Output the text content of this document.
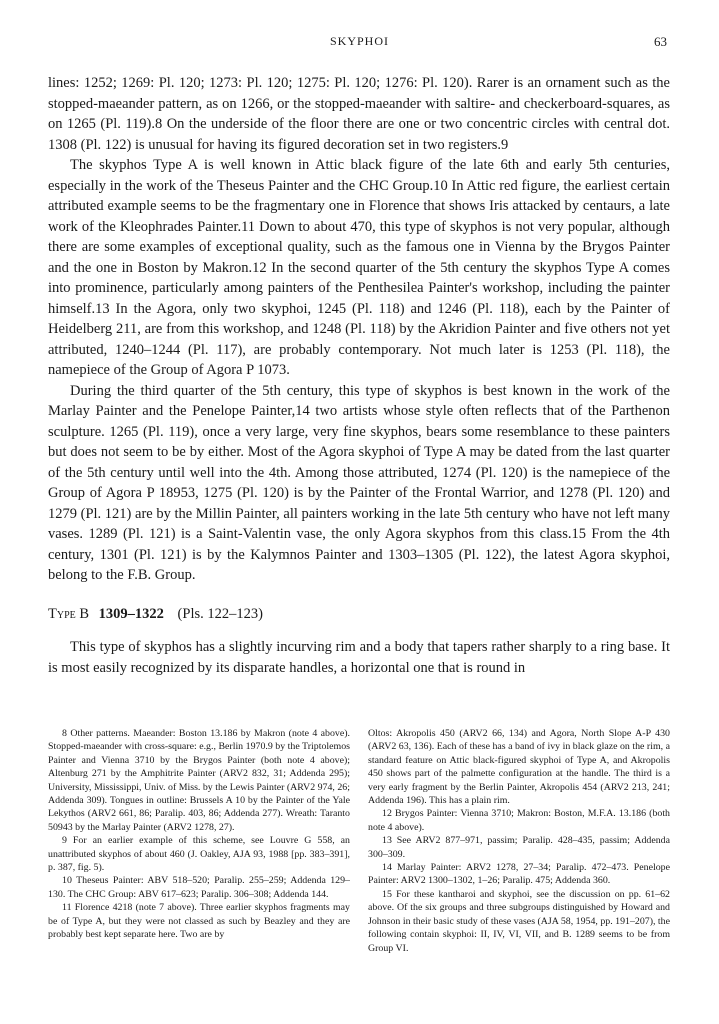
SKYPHOI	63

lines: 1252; 1269: Pl. 120; 1273: Pl. 120; 1275: Pl. 120; 1276: Pl. 120). Rarer is an ornament such as the stopped-maeander pattern, as on 1266, or the stopped-maeander with saltire- and checkerboard-squares, as on 1265 (Pl. 119).8 On the underside of the floor there are one or two concentric circles with central dot. 1308 (Pl. 122) is unusual for having its figured decoration set in two registers.9

The skyphos Type A is well known in Attic black figure of the late 6th and early 5th centuries, especially in the work of the Theseus Painter and the CHC Group.10 In Attic red figure, the earliest certain attributed example seems to be the fragmentary one in Florence that shows Iris attacked by centaurs, a late work of the Kleophrades Painter.11 Down to about 470, this type of skyphos is not very popular, although there are some examples of exceptional quality, such as the famous one in Vienna by the Brygos Painter and the one in Boston by Makron.12 In the second quarter of the 5th century the skyphos Type A comes into prominence, particularly among painters of the Penthesilea Painter's workshop, including the painter himself.13 In the Agora, only two skyphoi, 1245 (Pl. 118) and 1246 (Pl. 118), each by the Painter of Heidelberg 211, are from this workshop, and 1248 (Pl. 118) by the Akridion Painter and five others not yet attributed, 1240–1244 (Pl. 117), are probably contemporary. Not much later is 1253 (Pl. 118), the namepiece of the Group of Agora P 1073.

During the third quarter of the 5th century, this type of skyphos is best known in the work of the Marlay Painter and the Penelope Painter,14 two artists whose style often reflects that of the Parthenon sculpture. 1265 (Pl. 119), once a very large, very fine skyphos, bears some resemblance to these painters but does not seem to be by either. Most of the Agora skyphoi of Type A may be dated from the last quarter of the 5th century until well into the 4th. Among those attributed, 1274 (Pl. 120) is the namepiece of the Group of Agora P 18953, 1275 (Pl. 120) is by the Painter of the Frontal Warrior, and 1278 (Pl. 120) and 1279 (Pl. 121) are by the Millin Painter, all painters working in the late 5th century who have not left many vases. 1289 (Pl. 121) is a Saint-Valentin vase, the only Agora skyphos from this class.15 From the 4th century, 1301 (Pl. 121) is by the Kalymnos Painter and 1303–1305 (Pl. 122), the latest Agora skyphoi, belong to the F.B. Group.

Type B 1309–1322 (Pls. 122–123)

This type of skyphos has a slightly incurving rim and a body that tapers rather sharply to a ring base. It is most easily recognized by its disparate handles, a horizontal one that is round in

8 Other patterns. Maeander: Boston 13.186 by Makron (note 4 above). Stopped-maeander with cross-square: e.g., Berlin 1970.9 by the Triptolemos Painter and Vienna 3710 by the Brygos Painter (both note 4 above); Altenburg 271 by the Amphitrite Painter (ARV2 832, 31; Addenda 295); University, Mississippi, Univ. of Miss. by the Lewis Painter (ARV2 974, 26; Addenda 309). Tongues in outline: Brussels A 10 by the Painter of the Yale Lekythos (ARV2 661, 86; Paralip. 403, 86; Addenda 277). Wreath: Taranto 50943 by the Marlay Painter (ARV2 1278, 27).

9 For an earlier example of this scheme, see Louvre G 558, an unattributed skyphos of about 460 (J. Oakley, AJA 93, 1988 [pp. 383–391], p. 387, fig. 5).

10 Theseus Painter: ABV 518–520; Paralip. 255–259; Addenda 129–130. The CHC Group: ABV 617–623; Paralip. 306–308; Addenda 144.

11 Florence 4218 (note 7 above). Three earlier skyphos fragments may be of Type A, but they were not classed as such by Beazley and they are probably best kept separate here. Two are by

Oltos: Akropolis 450 (ARV2 66, 134) and Agora, North Slope A-P 430 (ARV2 63, 136). Each of these has a band of ivy in black glaze on the rim, a standard feature on Attic black-figured skyphoi of Type A, and Akropolis 450 shows part of the palmette configuration at the handle. The third is a very early fragment by the Berlin Painter, Akropolis 454 (ARV2 213, 241; Addenda 196). This has a plain rim.

12 Brygos Painter: Vienna 3710; Makron: Boston, M.F.A. 13.186 (both note 4 above).

13 See ARV2 877–971, passim; Paralip. 428–435, passim; Addenda 300–309.

14 Marlay Painter: ARV2 1278, 27–34; Paralip. 472–473. Penelope Painter: ARV2 1300–1302, 1–26; Paralip. 475; Addenda 360.

15 For these kantharoi and skyphoi, see the discussion on pp. 61–62 above. Of the six groups and three subgroups distinguished by Howard and Johnson in their basic study of these vases (AJA 58, 1954, pp. 191–207), the following contain skyphoi: II, IV, VI, VII, and B. 1289 seems to be from Group VI.
